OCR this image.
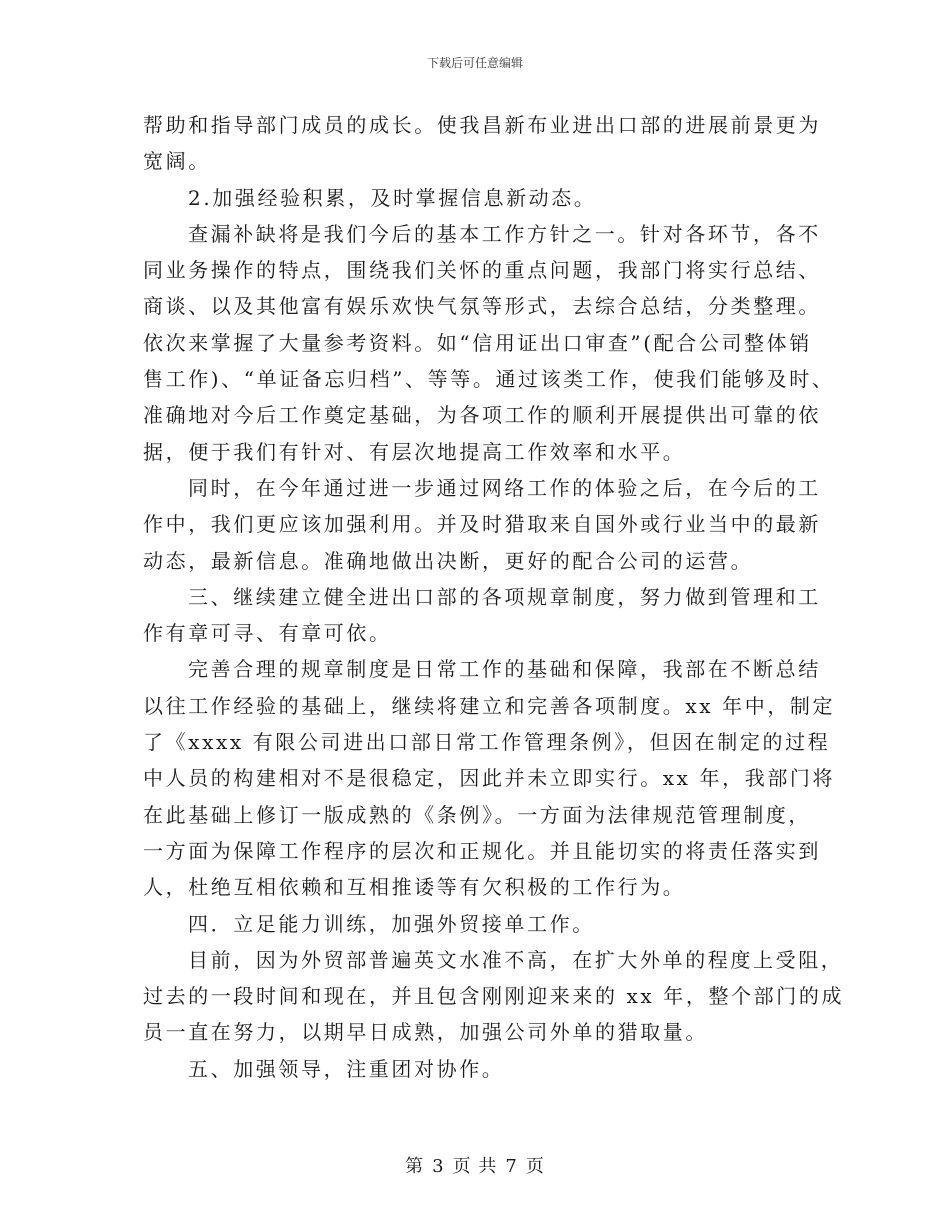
下载后可任意编辑
帮助和指导部门成员的成长。使我昌新布业进出口部的进展前景更为
宽阔。
2.加强经验积累，及时掌握信息新动态。
查漏补缺将是我们今后的基本工作方针之一。针对各环节，各不
同业务操作的特点，围绕我们关怀的重点问题，我部门将实行总结、
商谈、以及其他富有娱乐欢快气氛等形式，去综合总结，分类整理。
依次来掌握了大量参考资料。如“信用证出口审查”(配合公司整体销
售工作)、“单证备忘归档”、等等。通过该类工作，使我们能够及时、
准确地对今后工作奠定基础，为各项工作的顺利开展提供出可靠的依
据，便于我们有针对、有层次地提高工作效率和水平。
同时，在今年通过进一步通过网络工作的体验之后，在今后的工
作中，我们更应该加强利用。并及时猎取来自国外或行业当中的最新
动态，最新信息。准确地做出决断，更好的配合公司的运营。
三、继续建立健全进出口部的各项规章制度，努力做到管理和工
作有章可寻、有章可依。
完善合理的规章制度是日常工作的基础和保障，我部在不断总结
以往工作经验的基础上，继续将建立和完善各项制度。xx 年中，制定
了《xxxx 有限公司进出口部日常工作管理条例》，但因在制定的过程
中人员的构建相对不是很稳定，因此并未立即实行。xx 年，我部门将
在此基础上修订一版成熟的《条例》。一方面为法律规范管理制度，
一方面为保障工作程序的层次和正规化。并且能切实的将责任落实到
人，杜绝互相依赖和互相推诿等有欠积极的工作行为。
四．立足能力训练，加强外贸接单工作。
目前，因为外贸部普遍英文水准不高，在扩大外单的程度上受阻，
过去的一段时间和现在，并且包含刚刚迎来来的 xx 年，整个部门的成
员一直在努力，以期早日成熟，加强公司外单的猎取量。
五、加强领导，注重团对协作。
第 3 页 共 7 页
